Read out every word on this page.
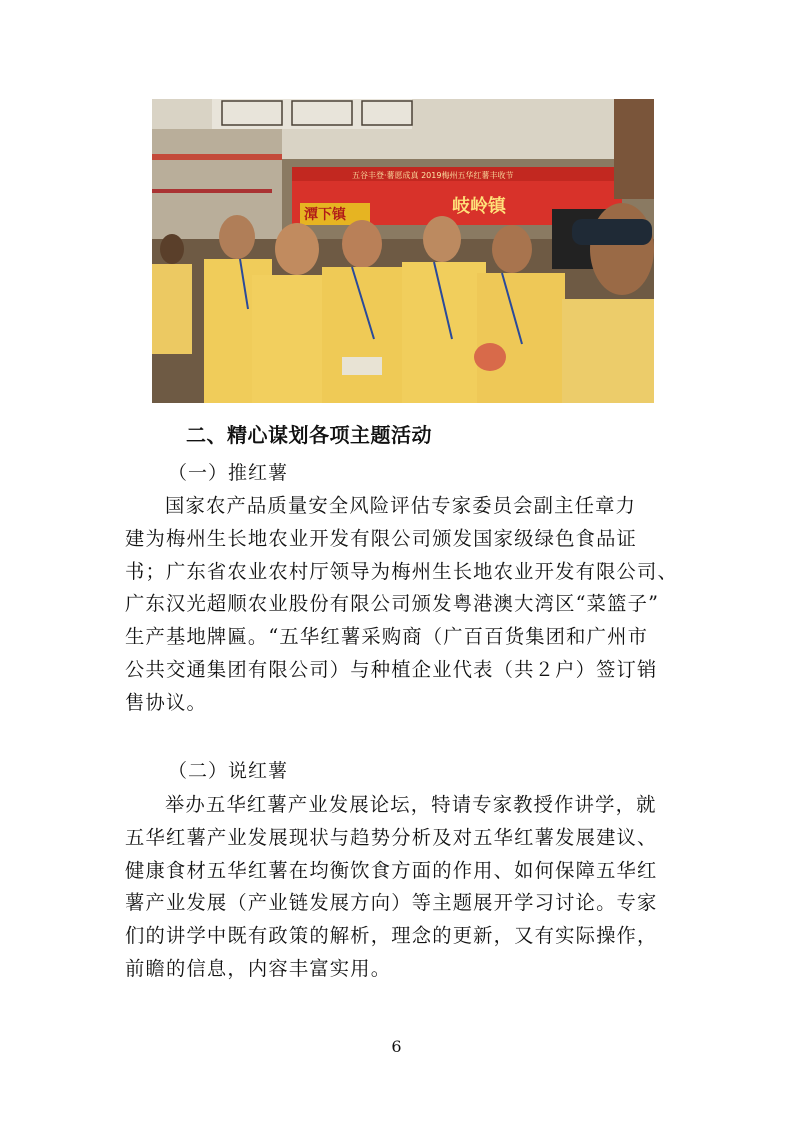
五谷丰登·薯愿成真 2019梅州五华红薯丰收节
潭下镇	岐岭镇
二、精心谋划各项主题活动
（一）推红薯
国家农产品质量安全风险评估专家委员会副主任章力
建为梅州生长地农业开发有限公司颁发国家级绿色食品证
书；广东省农业农村厅领导为梅州生长地农业开发有限公司、
广东汉光超顺农业股份有限公司颁发粤港澳大湾区“菜篮子”
生产基地牌匾。“五华红薯采购商（广百百货集团和广州市
公共交通集团有限公司）与种植企业代表（共２户）签订销
售协议。
（二）说红薯
举办五华红薯产业发展论坛，特请专家教授作讲学，就
五华红薯产业发展现状与趋势分析及对五华红薯发展建议、
健康食材五华红薯在均衡饮食方面的作用、如何保障五华红
薯产业发展（产业链发展方向）等主题展开学习讨论。专家
们的讲学中既有政策的解析，理念的更新，又有实际操作，
前瞻的信息，内容丰富实用。
6
